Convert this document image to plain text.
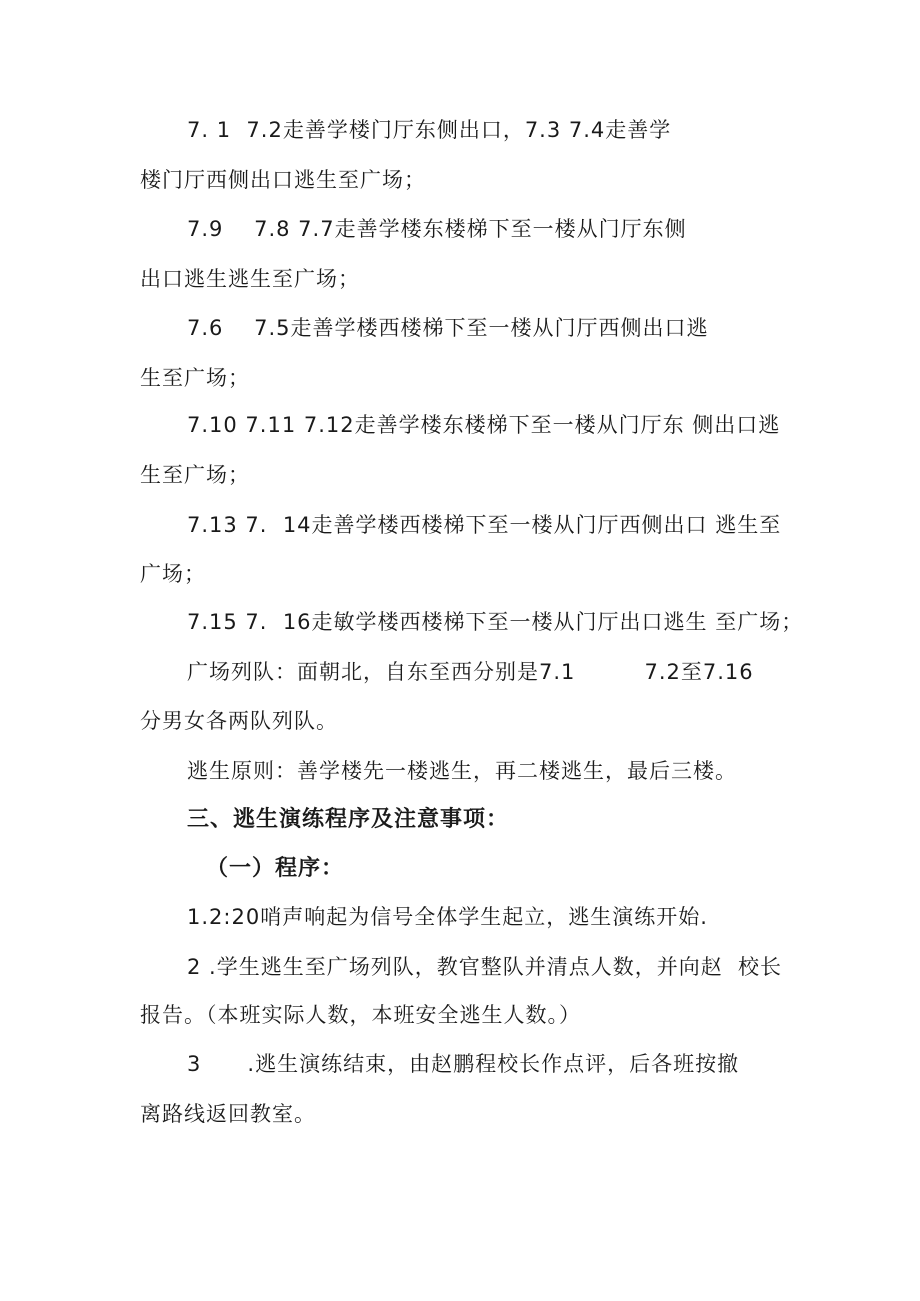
7. 1  7.2走善学楼门厅东侧出口，7.3 7.4走善学
楼门厅西侧出口逃生至广场；
7.9    7.8 7.7走善学楼东楼梯下至一楼从门厅东侧
出口逃生逃生至广场；
7.6    7.5走善学楼西楼梯下至一楼从门厅西侧出口逃
生至广场；
7.10 7.11 7.12走善学楼东楼梯下至一楼从门厅东 侧出口逃
生至广场；
7.13 7.  14走善学楼西楼梯下至一楼从门厅西侧出口 逃生至
广场；
7.15 7.  16走敏学楼西楼梯下至一楼从门厅出口逃生 至广场；
广场列队：面朝北，自东至西分别是7.1         7.2至7.16
分男女各两队列队。
逃生原则：善学楼先一楼逃生，再二楼逃生，最后三楼。
三、逃生演练程序及注意事项：
（一）程序：
1.2:20哨声响起为信号全体学生起立，逃生演练开始.
2 .学生逃生至广场列队，教官整队并清点人数，并向赵  校长
报告。（本班实际人数，本班安全逃生人数。）
3      .逃生演练结束，由赵鹏程校长作点评，后各班按撤
离路线返回教室。
